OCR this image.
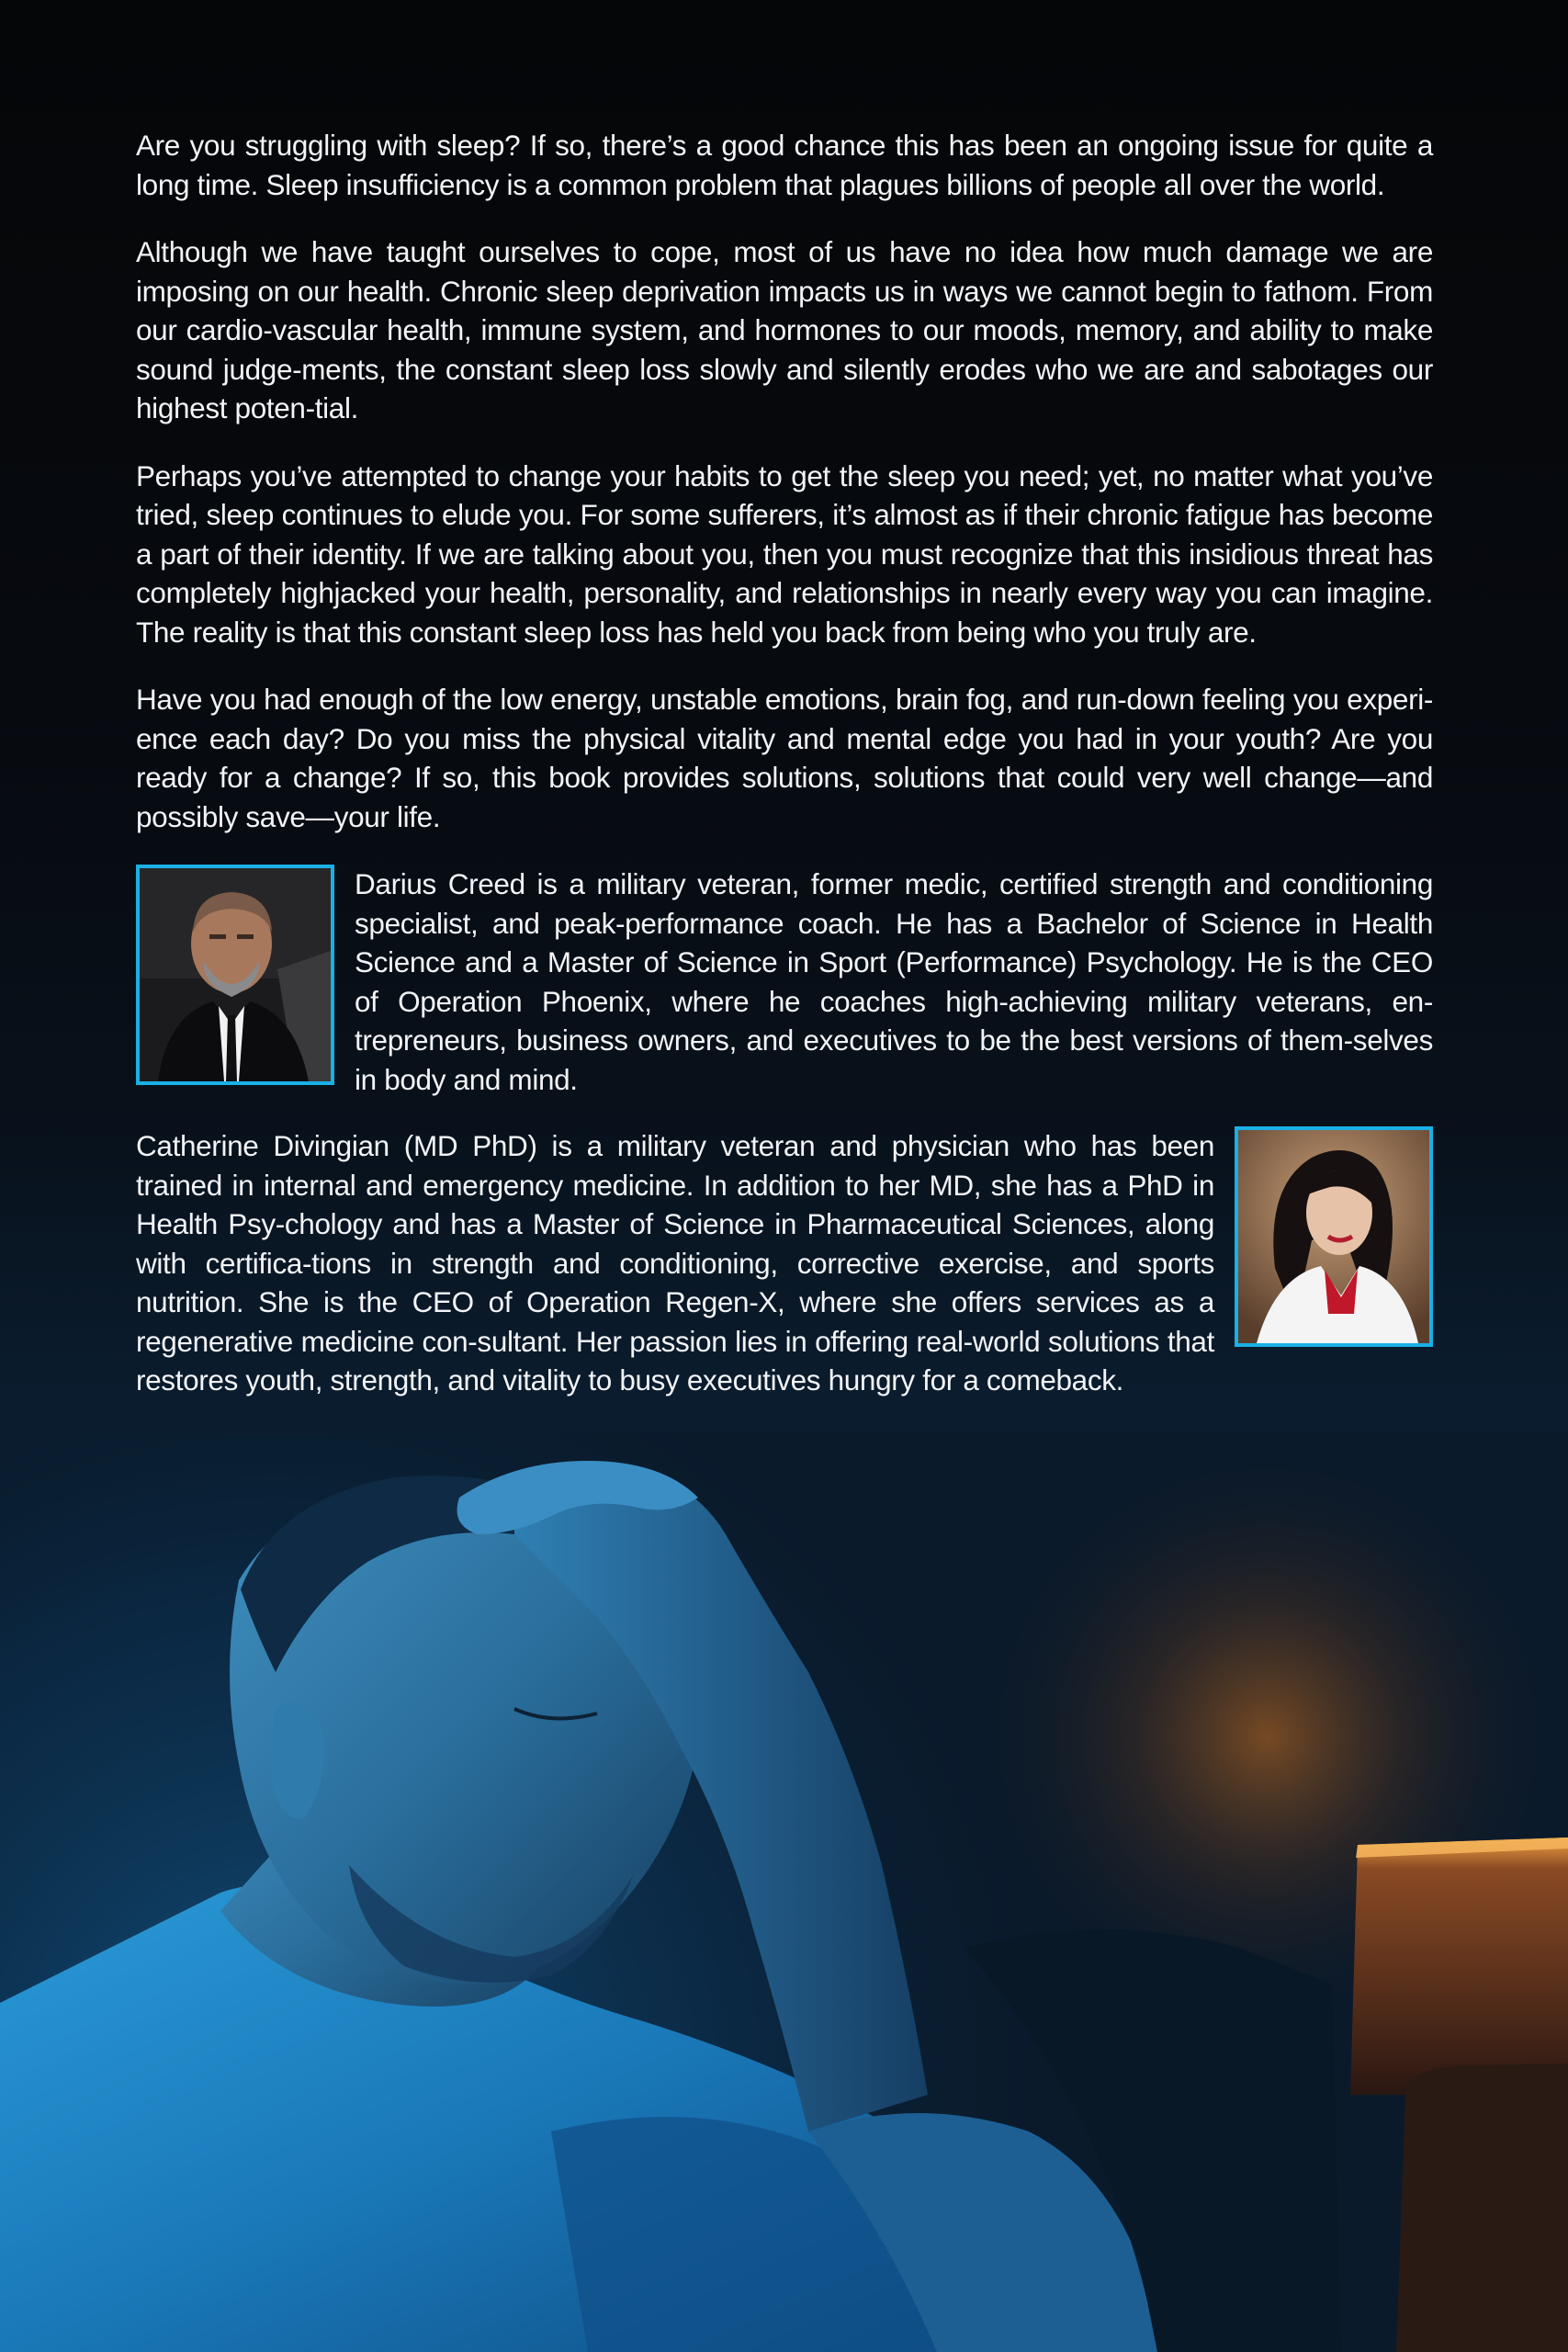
Are you struggling with sleep? If so, there’s a good chance this has been an ongoing issue for quite a long time. Sleep insufficiency is a common problem that plagues billions of people all over the world.

Although we have taught ourselves to cope, most of us have no idea how much damage we are imposing on our health. Chronic sleep deprivation impacts us in ways we cannot begin to fathom. From our cardio-vascular health, immune system, and hormones to our moods, memory, and ability to make sound judge-ments, the constant sleep loss slowly and silently erodes who we are and sabotages our highest poten-tial.

Perhaps you’ve attempted to change your habits to get the sleep you need; yet, no matter what you’ve tried, sleep continues to elude you. For some sufferers, it’s almost as if their chronic fatigue has become a part of their identity. If we are talking about you, then you must recognize that this insidious threat has completely highjacked your health, personality, and relationships in nearly every way you can imagine. The reality is that this constant sleep loss has held you back from being who you truly are.

Have you had enough of the low energy, unstable emotions, brain fog, and run-down feeling you experi-ence each day? Do you miss the physical vitality and mental edge you had in your youth? Are you ready for a change? If so, this book provides solutions, solutions that could very well change—and possibly save—your life.

Darius Creed is a military veteran, former medic, certified strength and conditioning specialist, and peak-performance coach. He has a Bachelor of Science in Health Science and a Master of Science in Sport (Performance) Psychology. He is the CEO of Operation Phoenix, where he coaches high-achieving military veterans, en-trepreneurs, business owners, and executives to be the best versions of them-selves in body and mind.

Catherine Divingian (MD PhD) is a military veteran and physician who has been trained in internal and emergency medicine. In addition to her MD, she has a PhD in Health Psy-chology and has a Master of Science in Pharmaceutical Sciences, along with certifica-tions in strength and conditioning, corrective exercise, and sports nutrition. She is the CEO of Operation Regen-X, where she offers services as a regenerative medicine con-sultant. Her passion lies in offering real-world solutions that restores youth, strength, and vitality to busy executives hungry for a comeback.
